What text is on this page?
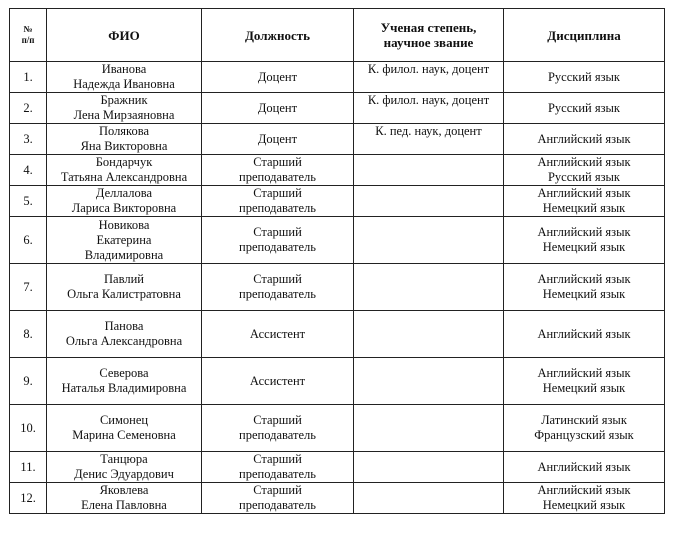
№
п/п	ФИО	Должность	Ученая степень,
научное звание	Дисциплина
1.	Иванова
Надежда Ивановна	Доцент	К. филол. наук, доцент	Русский язык

2.	Бражник
Лена Мирзаяновна	Доцент	К. филол. наук, доцент	Русский язык

3.	Полякова
Яна Викторовна	Доцент	К. пед. наук, доцент	Английский язык

4.	Бондарчук
Татьяна Александровна	Старший
преподаватель		Английский язык
Русский язык

5.	Деллалова
Лариса Викторовна	Старший
преподаватель		Английский язык
Немецкий язык

6.	Новикова
Екатерина
Владимировна	Старший
преподаватель		Английский язык
Немецкий язык

7.	Павлий
Ольга Калистратовна	Старший
преподаватель		Английский язык
Немецкий язык

8.	Панова
Ольга Александровна	Ассистент		Английский язык

9.	Северова
Наталья Владимировна	Ассистент		Английский язык
Немецкий язык

10.	Симонец
Марина Семеновна	Старший
преподаватель		Латинский язык
Французский язык

11.	Танцюра
Денис Эдуардович	Старший
преподаватель		Английский язык

12.	Яковлева
Елена Павловна	Старший
преподаватель		Английский язык
Немецкий язык
